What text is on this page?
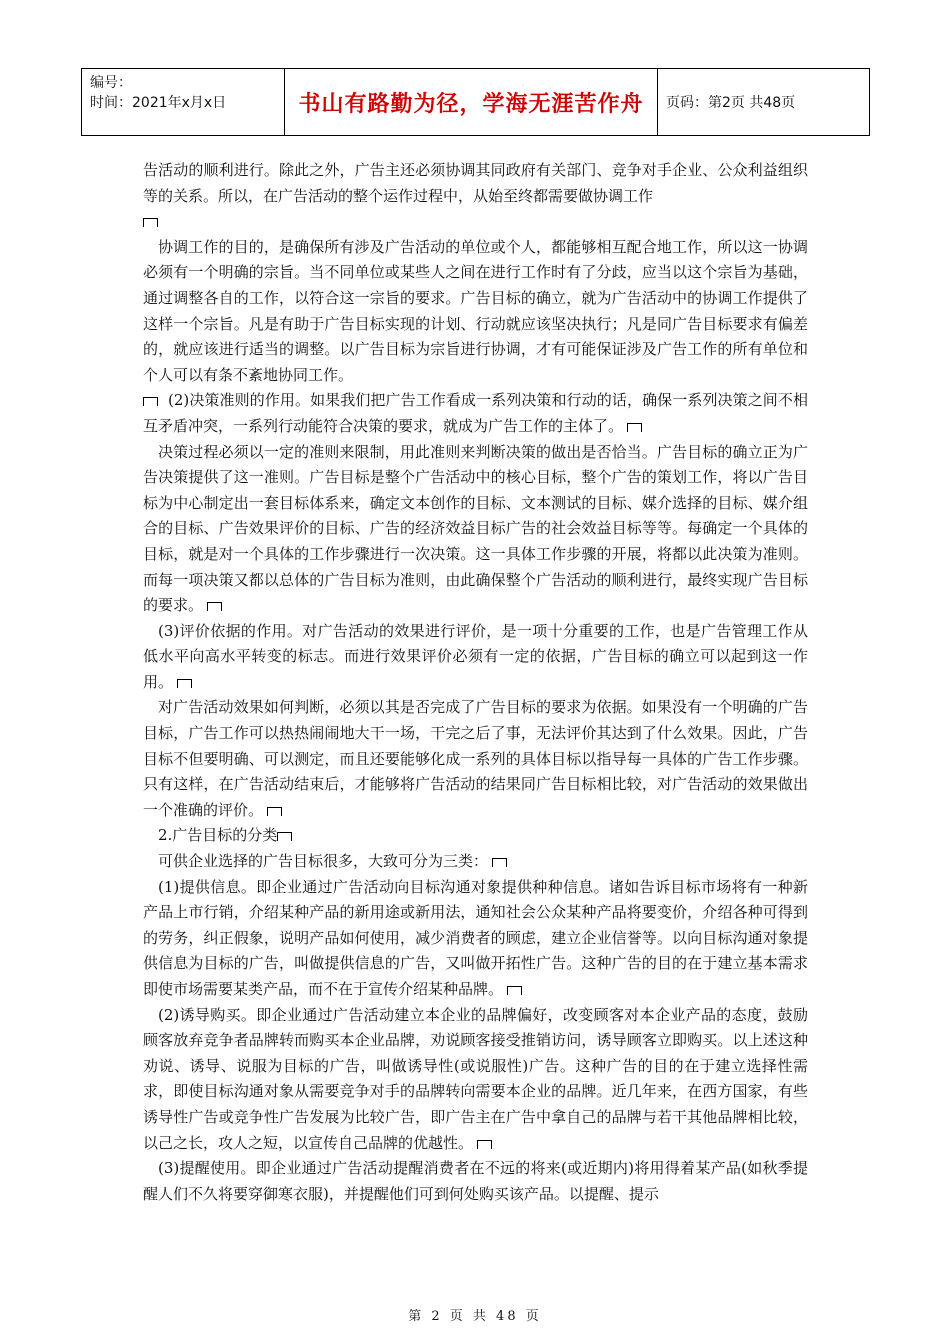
编号：
时间：2021年x月x日	书山有路勤为径，学海无涯苦作舟	页码：第2页 共48页

告活动的顺利进行。除此之外，广告主还必须协调其同政府有关部门、竞争对手企业、公众利益组织等的关系。所以，在广告活动的整个运作过程中，从始至终都需要做协调工作

协调工作的目的，是确保所有涉及广告活动的单位或个人，都能够相互配合地工作，所以这一协调必须有一个明确的宗旨。当不同单位或某些人之间在进行工作时有了分歧，应当以这个宗旨为基础，通过调整各自的工作，以符合这一宗旨的要求。广告目标的确立，就为广告活动中的协调工作提供了这样一个宗旨。凡是有助于广告目标实现的计划、行动就应该坚决执行；凡是同广告目标要求有偏差的，就应该进行适当的调整。以广告目标为宗旨进行协调，才有可能保证涉及广告工作的所有单位和个人可以有条不紊地协同工作。

(2)决策准则的作用。如果我们把广告工作看成一系列决策和行动的话，确保一系列决策之间不相互矛盾冲突，一系列行动能符合决策的要求，就成为广告工作的主体了。

决策过程必须以一定的准则来限制，用此准则来判断决策的做出是否恰当。广告目标的确立正为广告决策提供了这一准则。广告目标是整个广告活动中的核心目标，整个广告的策划工作，将以广告目标为中心制定出一套目标体系来，确定文本创作的目标、文本测试的目标、媒介选择的目标、媒介组合的目标、广告效果评价的目标、广告的经济效益目标广告的社会效益目标等等。每确定一个具体的目标，就是对一个具体的工作步骤进行一次决策。这一具体工作步骤的开展，将都以此决策为准则。而每一项决策又都以总体的广告目标为准则，由此确保整个广告活动的顺利进行，最终实现广告目标的要求。

(3)评价依据的作用。对广告活动的效果进行评价，是一项十分重要的工作，也是广告管理工作从低水平向高水平转变的标志。而进行效果评价必须有一定的依据，广告目标的确立可以起到这一作用。

对广告活动效果如何判断，必须以其是否完成了广告目标的要求为依据。如果没有一个明确的广告目标，广告工作可以热热闹闹地大干一场，干完之后了事，无法评价其达到了什么效果。因此，广告目标不但要明确、可以测定，而且还要能够化成一系列的具体目标以指导每一具体的广告工作步骤。只有这样，在广告活动结束后，才能够将广告活动的结果同广告目标相比较，对广告活动的效果做出一个准确的评价。

2.广告目标的分类

可供企业选择的广告目标很多，大致可分为三类：

(1)提供信息。即企业通过广告活动向目标沟通对象提供种种信息。诸如告诉目标市场将有一种新产品上市行销，介绍某种产品的新用途或新用法，通知社会公众某种产品将要变价，介绍各种可得到的劳务，纠正假象，说明产品如何使用，减少消费者的顾虑，建立企业信誉等。以向目标沟通对象提供信息为目标的广告，叫做提供信息的广告，又叫做开拓性广告。这种广告的目的在于建立基本需求即使市场需要某类产品，而不在于宣传介绍某种品牌。

(2)诱导购买。即企业通过广告活动建立本企业的品牌偏好，改变顾客对本企业产品的态度，鼓励顾客放弃竞争者品牌转而购买本企业品牌，劝说顾客接受推销访问，诱导顾客立即购买。以上述这种劝说、诱导、说服为目标的广告，叫做诱导性(或说服性)广告。这种广告的目的在于建立选择性需求，即使目标沟通对象从需要竞争对手的品牌转向需要本企业的品牌。近几年来，在西方国家，有些诱导性广告或竞争性广告发展为比较广告，即广告主在广告中拿自己的品牌与若干其他品牌相比较，以己之长，攻人之短，以宣传自己品牌的优越性。

(3)提醒使用。即企业通过广告活动提醒消费者在不远的将来(或近期内)将用得着某产品(如秋季提醒人们不久将要穿御寒衣服)，并提醒他们可到何处购买该产品。以提醒、提示

第 2 页 共 48 页
